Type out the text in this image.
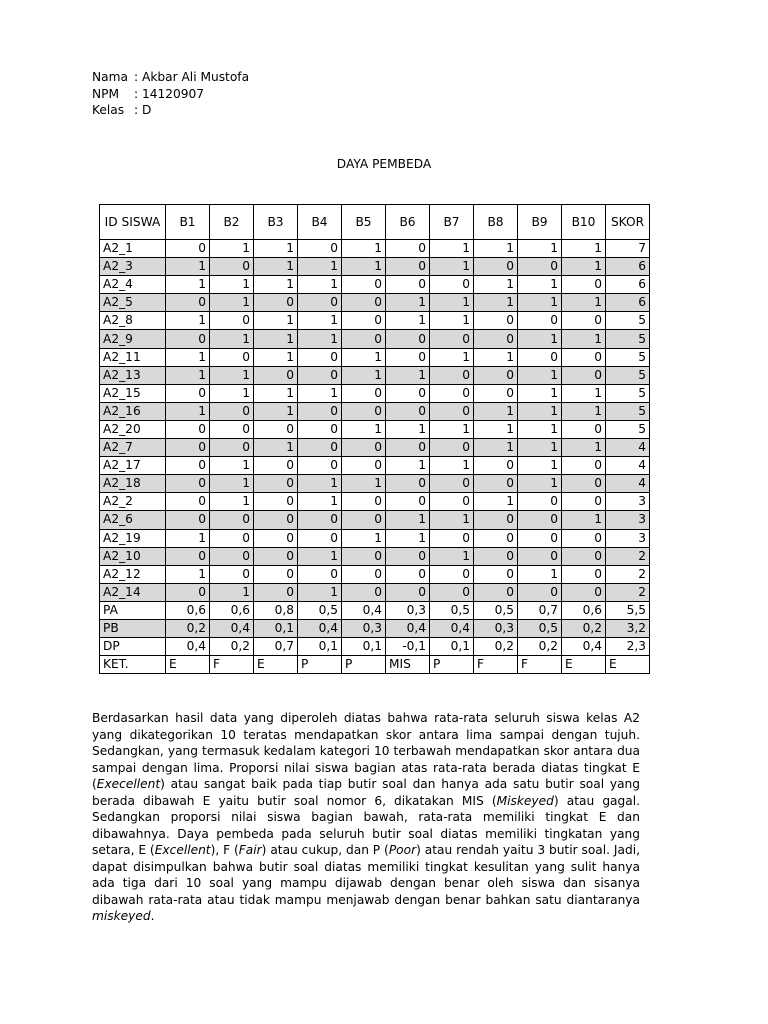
Nama : Akbar Ali Mustofa
NPM	: 14120907
Kelas : D
DAYA PEMBEDA
ID SISWA	B1	B2	B3	B4	B5	B6	B7	B8	B9	B10	SKOR
A2_1	0	1	1	0	1	0	1	1	1	1	7
A2_3	1	0	1	1	1	0	1	0	0	1	6
A2_4	1	1	1	1	0	0	0	1	1	0	6
A2_5	0	1	0	0	0	1	1	1	1	1	6
A2_8	1	0	1	1	0	1	1	0	0	0	5
A2_9	0	1	1	1	0	0	0	0	1	1	5
A2_11	1	0	1	0	1	0	1	1	0	0	5
A2_13	1	1	0	0	1	1	0	0	1	0	5
A2_15	0	1	1	1	0	0	0	0	1	1	5
A2_16	1	0	1	0	0	0	0	1	1	1	5
A2_20	0	0	0	0	1	1	1	1	1	0	5
A2_7	0	0	1	0	0	0	0	1	1	1	4
A2_17	0	1	0	0	0	1	1	0	1	0	4
A2_18	0	1	0	1	1	0	0	0	1	0	4
A2_2	0	1	0	1	0	0	0	1	0	0	3
A2_6	0	0	0	0	0	1	1	0	0	1	3
A2_19	1	0	0	0	1	1	0	0	0	0	3
A2_10	0	0	0	1	0	0	1	0	0	0	2
A2_12	1	0	0	0	0	0	0	0	1	0	2
A2_14	0	1	0	1	0	0	0	0	0	0	2
PA	0,6	0,6	0,8	0,5	0,4	0,3	0,5	0,5	0,7	0,6	5,5
PB	0,2	0,4	0,1	0,4	0,3	0,4	0,4	0,3	0,5	0,2	3,2
DP	0,4	0,2	0,7	0,1	0,1	-0,1	0,1	0,2	0,2	0,4	2,3
KET.	E	F	E	P	P	MIS	P	F	F	E	E
Berdasarkan hasil data yang diperoleh diatas bahwa rata-rata seluruh siswa kelas A2 yang dikategorikan 10 teratas mendapatkan skor antara lima sampai dengan tujuh. Sedangkan, yang termasuk kedalam kategori 10 terbawah mendapatkan skor antara dua sampai dengan lima. Proporsi nilai siswa bagian atas rata-rata berada diatas tingkat E (Execellent) atau sangat baik pada tiap butir soal dan hanya ada satu butir soal yang berada dibawah E yaitu butir soal nomor 6, dikatakan MIS (Miskeyed) atau gagal. Sedangkan proporsi nilai siswa bagian bawah, rata-rata memiliki tingkat E dan dibawahnya. Daya pembeda pada seluruh butir soal diatas memiliki tingkatan yang setara, E (Excellent), F (Fair) atau cukup, dan P (Poor) atau rendah yaitu 3 butir soal. Jadi, dapat disimpulkan bahwa butir soal diatas memiliki tingkat kesulitan yang sulit hanya ada tiga dari 10 soal yang mampu dijawab dengan benar oleh siswa dan sisanya dibawah rata-rata atau tidak mampu menjawab dengan benar bahkan satu diantaranya miskeyed.
